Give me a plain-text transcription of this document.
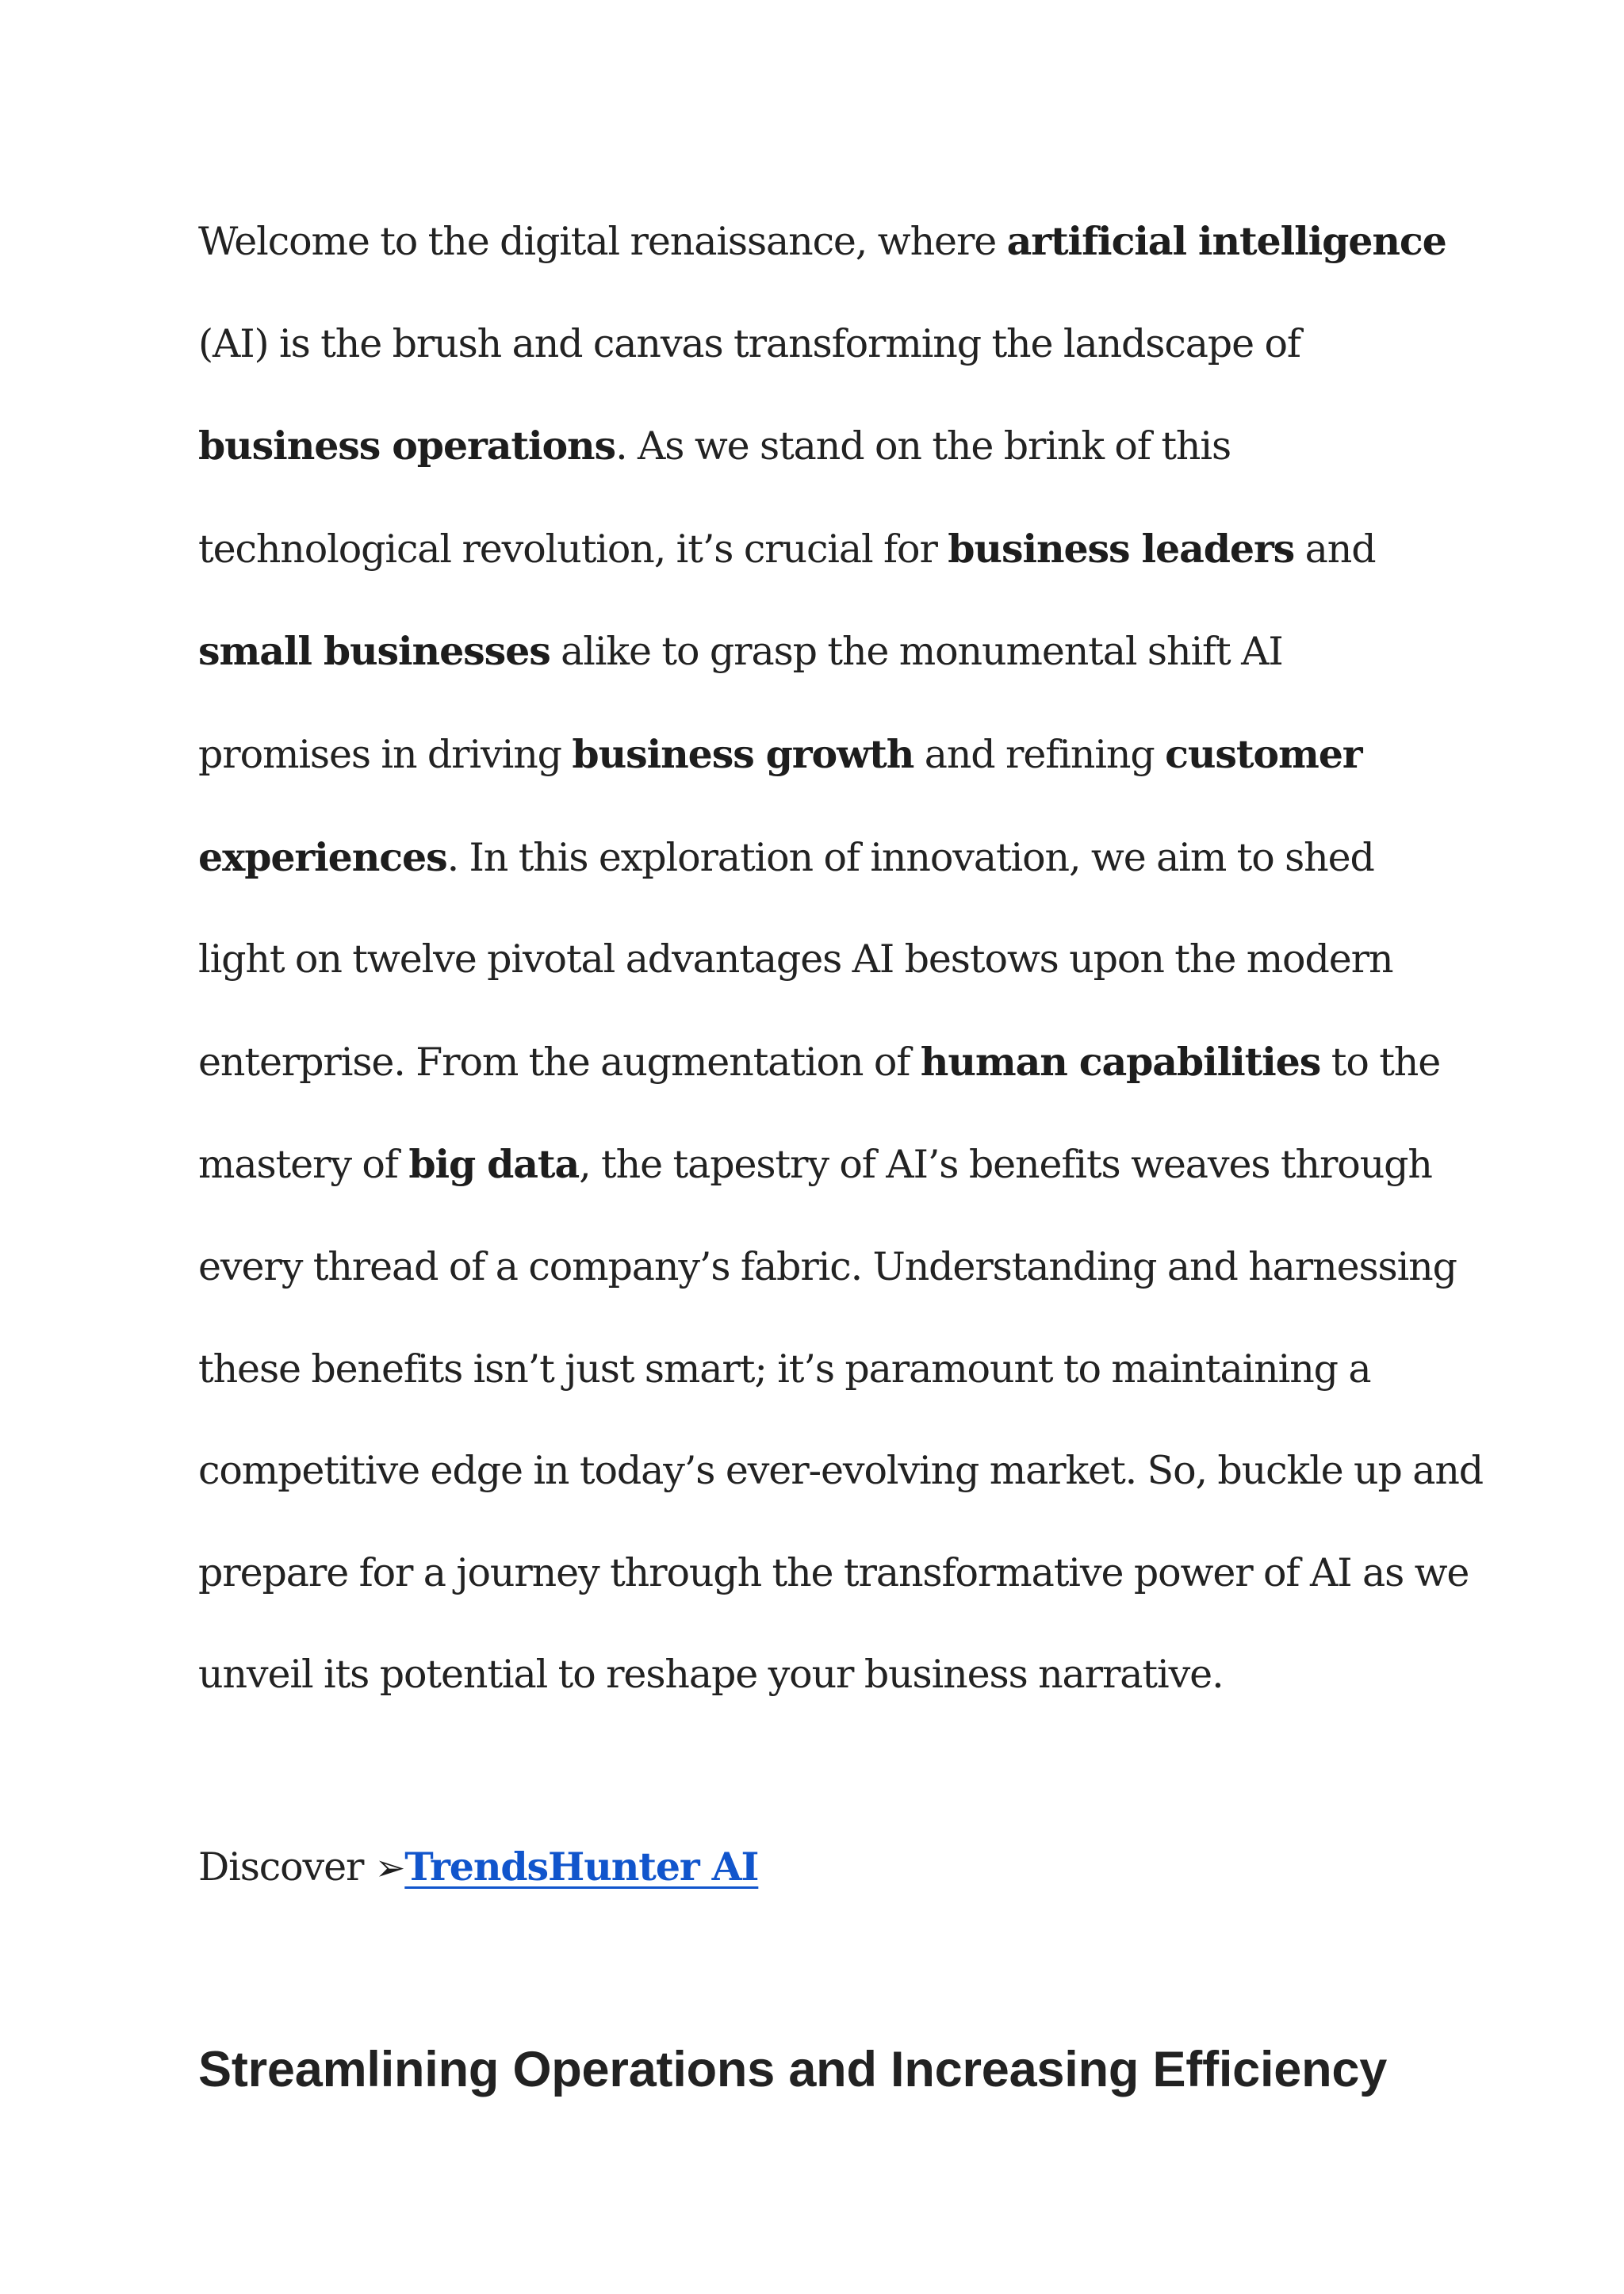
Welcome to the digital renaissance, where artificial intelligence
(AI) is the brush and canvas transforming the landscape of
business operations. As we stand on the brink of this
technological revolution, it’s crucial for business leaders and
small businesses alike to grasp the monumental shift AI
promises in driving business growth and refining customer
experiences. In this exploration of innovation, we aim to shed
light on twelve pivotal advantages AI bestows upon the modern
enterprise. From the augmentation of human capabilities to the
mastery of big data, the tapestry of AI’s benefits weaves through
every thread of a company’s fabric. Understanding and harnessing
these benefits isn’t just smart; it’s paramount to maintaining a
competitive edge in today’s ever-evolving market. So, buckle up and
prepare for a journey through the transformative power of AI as we
unveil its potential to reshape your business narrative.

Discover ➢TrendsHunter AI

Streamlining Operations and Increasing Efficiency
